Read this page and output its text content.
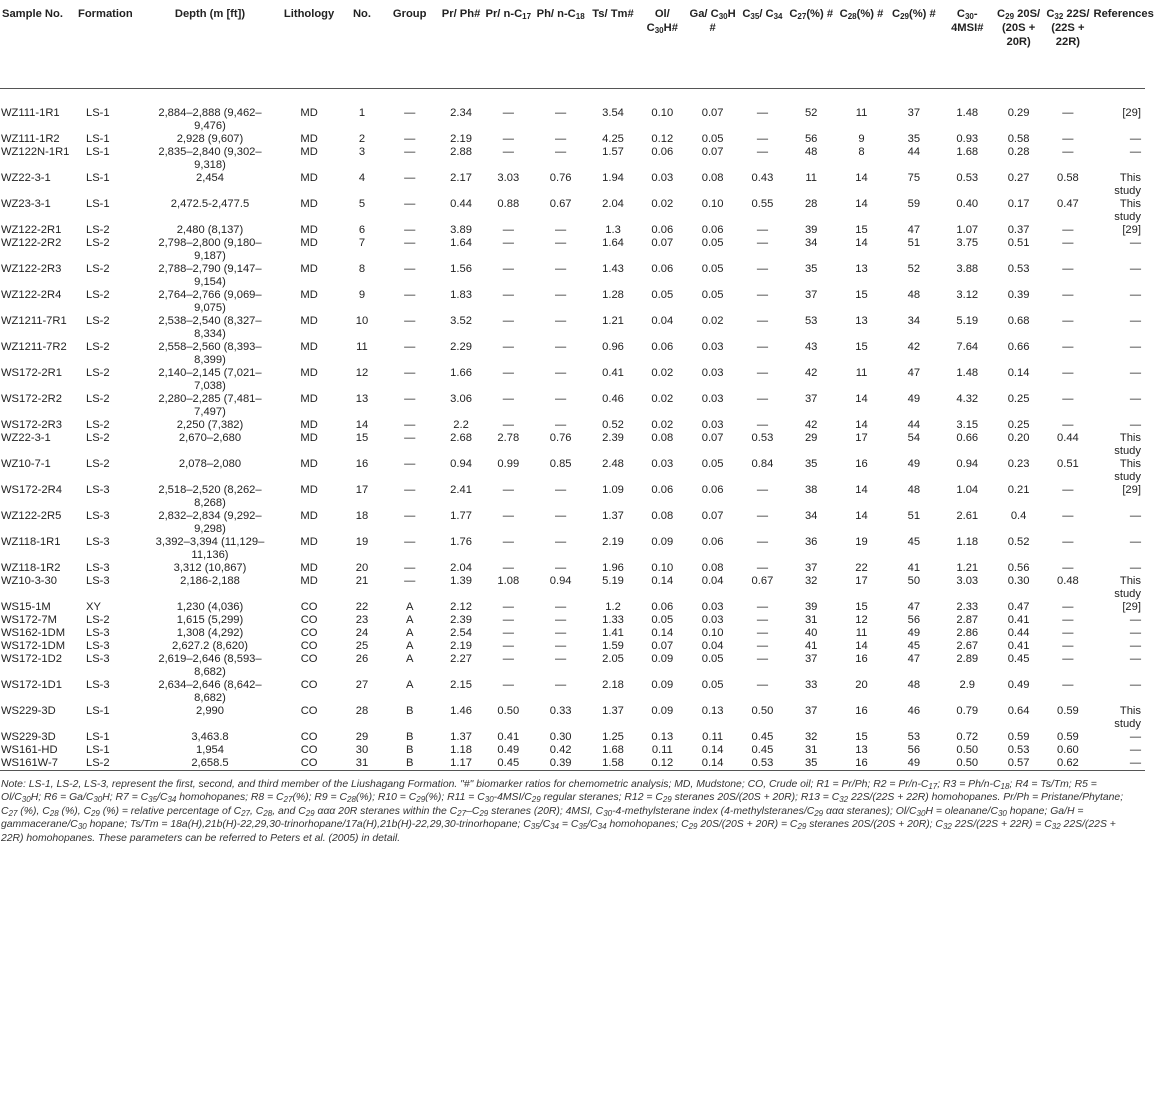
Sample No.	Formation	Depth (m [ft])	Lithology	No.	Group	Pr/ Ph#	Pr/ $n-C_{17}$	Ph/ $n-C_{18}$	Ts/ Tm#	Ol/ $C_{30}H\#$	Ga/ $C_{30}H$ #	$C_{35}/$ $C_{34}$	$C_{27}(\%)$ #	$C_{28}(\%)$ #	$C_{29}(\%)$ #	$C_{30}-$ 4MSI#	$C_{29}$ 20S/ (20S + 20R)	$C_{32}$ 22S/ (22S + 22R)	References
WZ111-1R1	LS-1	2,884–2,888 (9,462–9,476)	MD	1	—	2.34	—	—	3.54	0.10	0.07	—	52	11	37	1.48	0.29	—	[29]
WZ111-1R2	LS-1	2,928 (9,607)	MD	2	—	2.19	—	—	4.25	0.12	0.05	—	56	9	35	0.93	0.58	—	—
WZ122N-1R1	LS-1	2,835–2,840 (9,302–9,318)	MD	3	—	2.88	—	—	1.57	0.06	0.07	—	48	8	44	1.68	0.28	—	—
WZ22-3-1	LS-1	2,454	MD	4	—	2.17	3.03	0.76	1.94	0.03	0.08	0.43	11	14	75	0.53	0.27	0.58	This study
WZ23-3-1	LS-1	2,472.5-2,477.5	MD	5	—	0.44	0.88	0.67	2.04	0.02	0.10	0.55	28	14	59	0.40	0.17	0.47	This study
WZ122-2R1	LS-2	2,480 (8,137)	MD	6	—	3.89	—	—	1.3	0.06	0.06	—	39	15	47	1.07	0.37	—	[29]
WZ122-2R2	LS-2	2,798–2,800 (9,180–9,187)	MD	7	—	1.64	—	—	1.64	0.07	0.05	—	34	14	51	3.75	0.51	—	—
WZ122-2R3	LS-2	2,788–2,790 (9,147–9,154)	MD	8	—	1.56	—	—	1.43	0.06	0.05	—	35	13	52	3.88	0.53	—	—
WZ122-2R4	LS-2	2,764–2,766 (9,069–9,075)	MD	9	—	1.83	—	—	1.28	0.05	0.05	—	37	15	48	3.12	0.39	—	—
WZ1211-7R1	LS-2	2,538–2,540 (8,327–8,334)	MD	10	—	3.52	—	—	1.21	0.04	0.02	—	53	13	34	5.19	0.68	—	—
WZ1211-7R2	LS-2	2,558–2,560 (8,393–8,399)	MD	11	—	2.29	—	—	0.96	0.06	0.03	—	43	15	42	7.64	0.66	—	—
WS172-2R1	LS-2	2,140–2,145 (7,021–7,038)	MD	12	—	1.66	—	—	0.41	0.02	0.03	—	42	11	47	1.48	0.14	—	—
WS172-2R2	LS-2	2,280–2,285 (7,481–7,497)	MD	13	—	3.06	—	—	0.46	0.02	0.03	—	37	14	49	4.32	0.25	—	—
WS172-2R3	LS-2	2,250 (7,382)	MD	14	—	2.2	—	—	0.52	0.02	0.03	—	42	14	44	3.15	0.25	—	—
WZ22-3-1	LS-2	2,670–2,680	MD	15	—	2.68	2.78	0.76	2.39	0.08	0.07	0.53	29	17	54	0.66	0.20	0.44	This study
WZ10-7-1	LS-2	2,078–2,080	MD	16	—	0.94	0.99	0.85	2.48	0.03	0.05	0.84	35	16	49	0.94	0.23	0.51	This study
WS172-2R4	LS-3	2,518–2,520 (8,262–8,268)	MD	17	—	2.41	—	—	1.09	0.06	0.06	—	38	14	48	1.04	0.21	—	[29]
WZ122-2R5	LS-3	2,832–2,834 (9,292–9,298)	MD	18	—	1.77	—	—	1.37	0.08	0.07	—	34	14	51	2.61	0.4	—	—
WZ118-1R1	LS-3	3,392–3,394 (11,129–11,136)	MD	19	—	1.76	—	—	2.19	0.09	0.06	—	36	19	45	1.18	0.52	—	—
WZ118-1R2	LS-3	3,312 (10,867)	MD	20	—	2.04	—	—	1.96	0.10	0.08	—	37	22	41	1.21	0.56	—	—
WZ10-3-30	LS-3	2,186-2,188	MD	21	—	1.39	1.08	0.94	5.19	0.14	0.04	0.67	32	17	50	3.03	0.30	0.48	This study
WS15-1M	XY	1,230 (4,036)	CO	22	A	2.12	—	—	1.2	0.06	0.03	—	39	15	47	2.33	0.47	—	[29]
WS172-7M	LS-2	1,615 (5,299)	CO	23	A	2.39	—	—	1.33	0.05	0.03	—	31	12	56	2.87	0.41	—	—
WS162-1DM	LS-3	1,308 (4,292)	CO	24	A	2.54	—	—	1.41	0.14	0.10	—	40	11	49	2.86	0.44	—	—
WS172-1DM	LS-3	2,627.2 (8,620)	CO	25	A	2.19	—	—	1.59	0.07	0.04	—	41	14	45	2.67	0.41	—	—
WS172-1D2	LS-3	2,619–2,646 (8,593–8,682)	CO	26	A	2.27	—	—	2.05	0.09	0.05	—	37	16	47	2.89	0.45	—	—
WS172-1D1	LS-3	2,634–2,646 (8,642–8,682)	CO	27	A	2.15	—	—	2.18	0.09	0.05	—	33	20	48	2.9	0.49	—	—
WS229-3D	LS-1	2,990	CO	28	B	1.46	0.50	0.33	1.37	0.09	0.13	0.50	37	16	46	0.79	0.64	0.59	This study
WS229-3D	LS-1	3,463.8	CO	29	B	1.37	0.41	0.30	1.25	0.13	0.11	0.45	32	15	53	0.72	0.59	0.59	—
WS161-HD	LS-1	1,954	CO	30	B	1.18	0.49	0.42	1.68	0.11	0.14	0.45	31	13	56	0.50	0.53	0.60	—
WS161W-7	LS-2	2,658.5	CO	31	B	1.17	0.45	0.39	1.58	0.12	0.14	0.53	35	16	49	0.50	0.57	0.62	—
Note: LS-1, LS-2, LS-3, represent the first, second, and third member of the Liushagang Formation. "#" biomarker ratios for chemometric analysis; MD, Mudstone; CO, Crude oil; R1 = Pr/Ph; $R2 = Pr/n-C_{17}$; $R3 = Ph/n-C_{18}$; R4 = Ts/Tm; $R5 = Ol/C_{30}H$; $R6 = Ga/C_{30}H$; $R7 = C_{35}/C_{34}$ homohopanes; $R8 = C_{27}(\%)$; $R9 = C_{28}(\%)$; $R10 = C_{29}(\%)$; $R11 = C_{30}-4MSI/C_{29}$ regular steranes; $R12 = C_{29}$ steranes 20S/(20S + 20R); $R13 = C_{32}$ 22S/(22S + 22R) homohopanes. Pr/Ph = Pristane/Phytane; $C_{27}$ (%), $C_{28}$ (%), $C_{29}$ (%) = relative percentage of $C_{27}$, $C_{28}$, and $C_{29}$ ααα 20R steranes within the $C_{27}-C_{29}$ steranes (20R); 4MSI, $C_{30}-4$-methylsterane index ($4-methylsteranes/C_{29}$ ααα steranes); $Ol/C_{30}H$ = oleanane/$C_{30}$ hopane; Ga/H = gammacerane/$C_{30}$ hopane; Ts/Tm = 18a(H),21b(H)-22,29,30-trinorhopane/17a(H),21b(H)-22,29,30-trinorhopane; $C_{35}/C_{34} = C_{35}/C_{34}$ homohopanes; $C_{29}$ $20S/(20S + 20R) = C_{29}$ steranes 20S/(20S + 20R); $C_{32}$ $22S/(22S + 22R) = C_{32}$ 22S/(22S + 22R) homohopanes. These parameters can be referred to Peters et al. (2005) in detail.
